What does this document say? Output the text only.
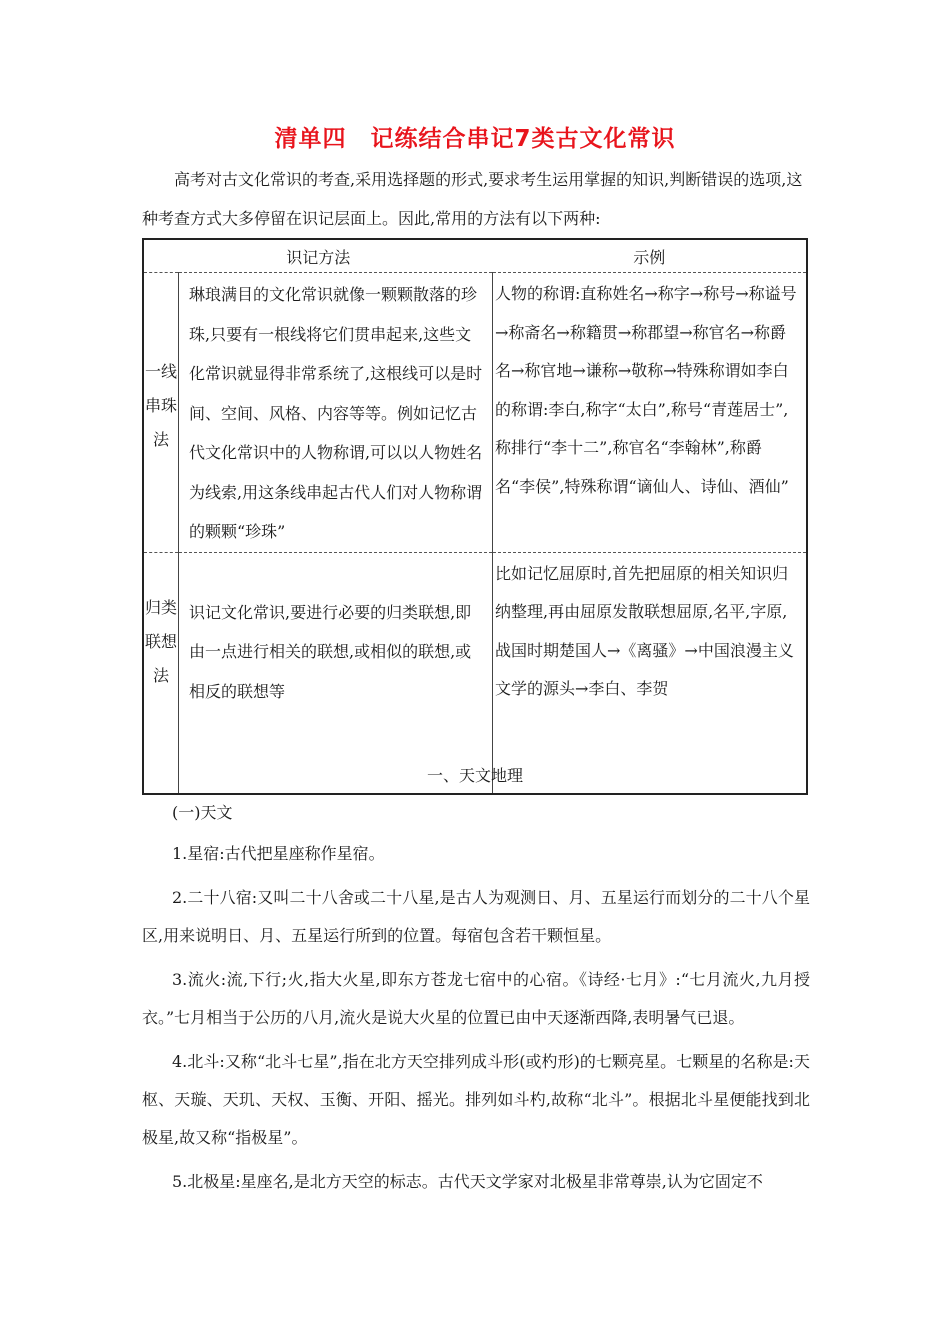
清单四　记练结合串记7类古文化常识
高考对古文化常识的考查,采用选择题的形式,要求考生运用掌握的知识,判断错误的选项,这种考查方式大多停留在识记层面上。因此,常用的方法有以下两种:
识记方法		示例

一线串珠法	琳琅满目的文化常识就像一颗颗散落的珍珠,只要有一根线将它们贯串起来,这些文化常识就显得非常系统了,这根线可以是时间、空间、风格、内容等等。例如记忆古代文化常识中的人物称谓,可以以人物姓名为线索,用这条线串起古代人们对人物称谓的颗颗“珍珠”	人物的称谓:直称姓名→称字→称号→称谥号→称斋名→称籍贯→称郡望→称官名→称爵名→称官地→谦称→敬称→特殊称谓如李白的称谓:李白,称字“太白”,称号“青莲居士”,称排行“李十二”,称官名“李翰林”,称爵名“李侯”,特殊称谓“谪仙人、诗仙、酒仙”

归类联想法	识记文化常识,要进行必要的归类联想,即由一点进行相关的联想,或相似的联想,或相反的联想等	比如记忆屈原时,首先把屈原的相关知识归纳整理,再由屈原发散联想屈原,名平,字原,战国时期楚国人→《离骚》→中国浪漫主义文学的源头→李白、李贺
一、天文地理
(一)天文

1.星宿:古代把星座称作星宿。

2.二十八宿:又叫二十八舍或二十八星,是古人为观测日、月、五星运行而划分的二十八个星区,用来说明日、月、五星运行所到的位置。每宿包含若干颗恒星。

3.流火:流,下行;火,指大火星,即东方苍龙七宿中的心宿。《诗经·七月》:“七月流火,九月授衣。”七月相当于公历的八月,流火是说大火星的位置已由中天逐渐西降,表明暑气已退。

4.北斗:又称“北斗七星”,指在北方天空排列成斗形(或杓形)的七颗亮星。七颗星的名称是:天枢、天璇、天玑、天权、玉衡、开阳、摇光。排列如斗杓,故称“北斗”。根据北斗星便能找到北极星,故又称“指极星”。

5.北极星:星座名,是北方天空的标志。古代天文学家对北极星非常尊崇,认为它固定不
